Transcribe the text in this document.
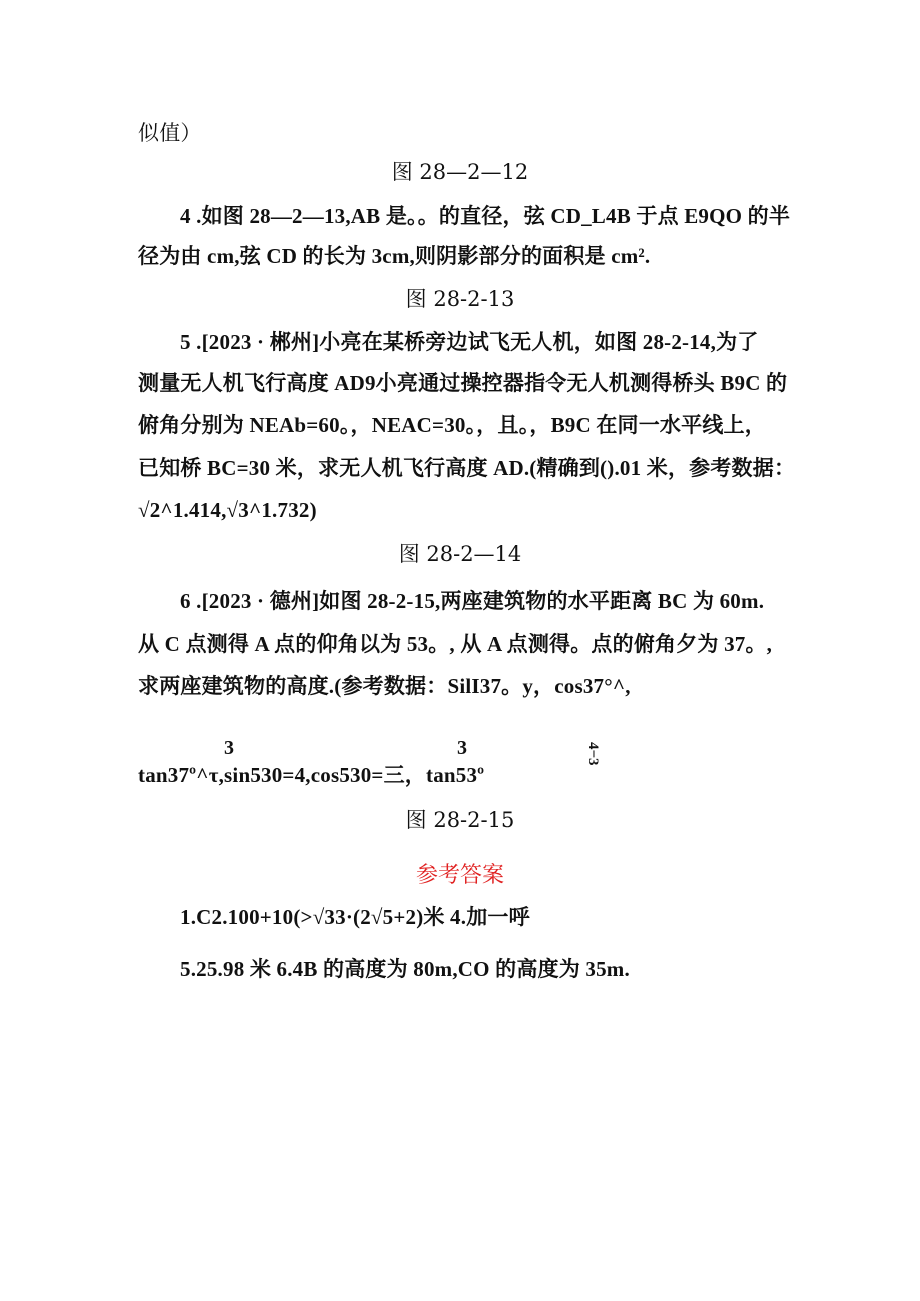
似值）
图 28—2—12
4 .如图 28—2—13,AB 是。。的直径，弦 CD_L4B 于点 E9QO 的半
径为由 cm,弦 CD 的长为 3cm,则阴影部分的面积是 cm².
图 28-2-13
5 .[2023 · 郴州]小亮在某桥旁边试飞无人机，如图 28-2-14,为了
测量无人机飞行高度 AD9小亮通过操控器指令无人机测得桥头 B9C 的
俯角分别为 NEAb=60。，NEAC=30。，且。，B9C 在同一水平线上，
已知桥 BC=30 米，求无人机飞行高度 AD.(精确到().01 米，参考数据：
√2^1.414,√3^1.732)
图 28-2—14
6 .[2023 · 德州]如图 28-2-15,两座建筑物的水平距离 BC 为 60m.
从 C 点测得 A 点的仰角以为 53。, 从 A 点测得。点的俯角夕为 37。,
求两座建筑物的高度.(参考数据：SilI37。y，cos37°^,
3	3	4−3
tan37º^τ,sin530=4,cos530=三，tan53º
图 28-2-15
参考答案
1.C2.100+10(>√33·(2√5+2)米 4.加一呼
5.25.98 米 6.4B 的高度为 80m,CO 的高度为 35m.
